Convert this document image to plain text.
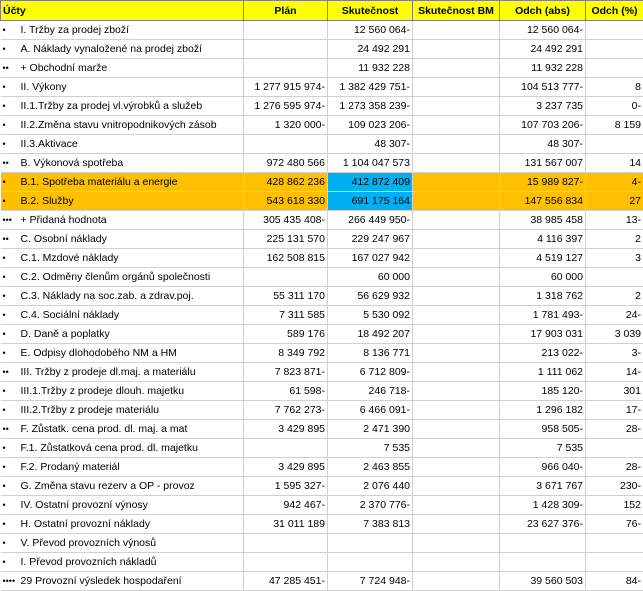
Účty	Plán	Skutečnost	Skutečnost BM	Odch (abs)	Odch (%)
• I. Tržby za prodej zboží		12 560 064-		12 560 064-	
• A. Náklady vynaložené na prodej zboží		24 492 291		24 492 291	
•• + Obchodní marže		11 932 228		11 932 228	
• II. Výkony	1 277 915 974-	1 382 429 751-		104 513 777-	8
• II.1.Tržby za prodej vl.výrobků a služeb	1 276 595 974-	1 273 358 239-		3 237 735	0-
• II.2.Změna stavu vnitropodnikových zásob	1 320 000-	109 023 206-		107 703 206-	8 159
• II.3.Aktivace		48 307-		48 307-	
•• B. Výkonová spotřeba	972 480 566	1 104 047 573		131 567 007	14
• B.1. Spotřeba materiálu a energie	428 862 236	412 872 409		15 989 827-	4-
• B.2. Služby	543 618 330	691 175 164		147 556 834	27
••• + Přidaná hodnota	305 435 408-	266 449 950-		38 985 458	13-
•• C. Osobní náklady	225 131 570	229 247 967		4 116 397	2
• C.1. Mzdové náklady	162 508 815	167 027 942		4 519 127	3
• C.2. Odměny členům orgánů společnosti		60 000		60 000	
• C.3. Náklady na soc.zab. a zdrav.poj.	55 311 170	56 629 932		1 318 762	2
• C.4. Sociální náklady	7 311 585	5 530 092		1 781 493-	24-
• D. Daně a poplatky	589 176	18 492 207		17 903 031	3 039
• E. Odpisy dlohodobého NM a HM	8 349 792	8 136 771		213 022-	3-
•• III. Tržby z prodeje dl.maj. a materiálu	7 823 871-	6 712 809-		1 111 062	14-
• III.1.Tržby z prodeje dlouh. majetku	61 598-	246 718-		185 120-	301
• III.2.Tržby z prodeje materiálu	7 762 273-	6 466 091-		1 296 182	17-
•• F. Zůstatk. cena prod. dl. maj. a mat	3 429 895	2 471 390		958 505-	28-
• F.1. Zůstatková cena prod. dl. majetku		7 535		7 535	
• F.2. Prodaný materiál	3 429 895	2 463 855		966 040-	28-
• G. Změna stavu rezerv a OP - provoz	1 595 327-	2 076 440		3 671 767	230-
• IV. Ostatní provozní výnosy	942 467-	2 370 776-		1 428 309-	152
• H. Ostatní provozní náklady	31 011 189	7 383 813		23 627 376-	76-
• V. Převod provozních výnosů					
• I. Převod provozních nákladů					
•••• 29 Provozní výsledek hospodaření	47 285 451-	7 724 948-		39 560 503	84-
